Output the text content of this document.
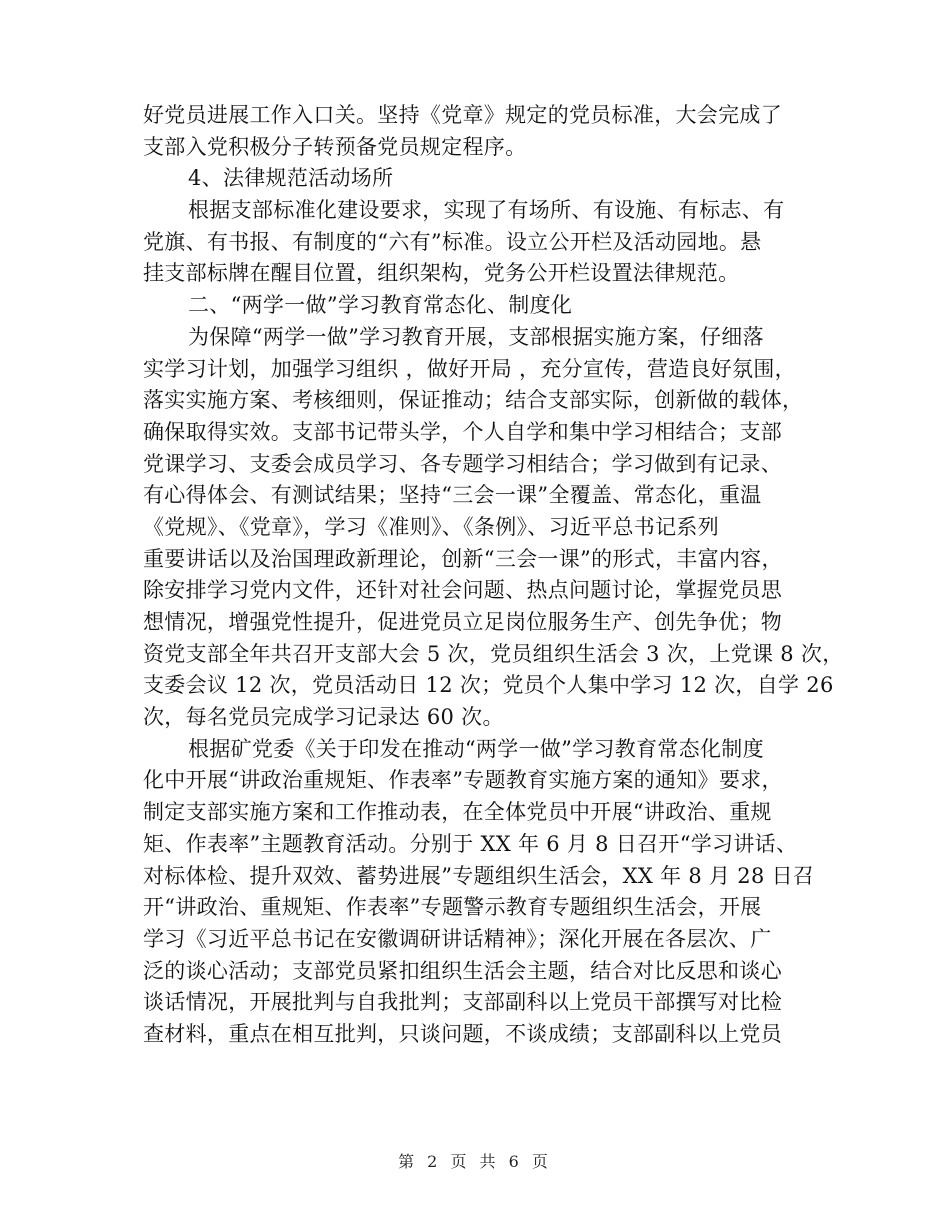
好党员进展工作入口关。坚持《党章》规定的党员标准，大会完成了
支部入党积极分子转预备党员规定程序。
4、法律规范活动场所
根据支部标准化建设要求，实现了有场所、有设施、有标志、有
党旗、有书报、有制度的“六有”标准。设立公开栏及活动园地。悬
挂支部标牌在醒目位置，组织架构，党务公开栏设置法律规范。
二、“两学一做”学习教育常态化、制度化
为保障“两学一做”学习教育开展，支部根据实施方案，仔细落
实学习计划，加强学习组织 ，做好开局 ，充分宣传，营造良好氛围，
落实实施方案、考核细则，保证推动；结合支部实际，创新做的载体，
确保取得实效。支部书记带头学，个人自学和集中学习相结合；支部
党课学习、支委会成员学习、各专题学习相结合；学习做到有记录、
有心得体会、有测试结果；坚持“三会一课”全覆盖、常态化，重温
《党规》、《党章》，学习《准则》、《条例》、习近平总书记系列
重要讲话以及治国理政新理论，创新“三会一课”的形式，丰富内容，
除安排学习党内文件，还针对社会问题、热点问题讨论，掌握党员思
想情况，增强党性提升，促进党员立足岗位服务生产、创先争优；物
资党支部全年共召开支部大会 5 次，党员组织生活会 3 次，上党课 8 次，
支委会议 12 次，党员活动日 12 次；党员个人集中学习 12 次，自学 26
次，每名党员完成学习记录达 60 次。
根据矿党委《关于印发在推动“两学一做”学习教育常态化制度
化中开展“讲政治重规矩、作表率”专题教育实施方案的通知》要求，
制定支部实施方案和工作推动表，在全体党员中开展“讲政治、重规
矩、作表率”主题教育活动。分别于 XX 年 6 月 8 日召开“学习讲话、
对标体检、提升双效、蓄势进展”专题组织生活会，XX 年 8 月 28 日召
开“讲政治、重规矩、作表率”专题警示教育专题组织生活会，开展
学习《习近平总书记在安徽调研讲话精神》；深化开展在各层次、广
泛的谈心活动；支部党员紧扣组织生活会主题，结合对比反思和谈心
谈话情况，开展批判与自我批判；支部副科以上党员干部撰写对比检
查材料，重点在相互批判，只谈问题，不谈成绩；支部副科以上党员
第 2 页 共 6 页
